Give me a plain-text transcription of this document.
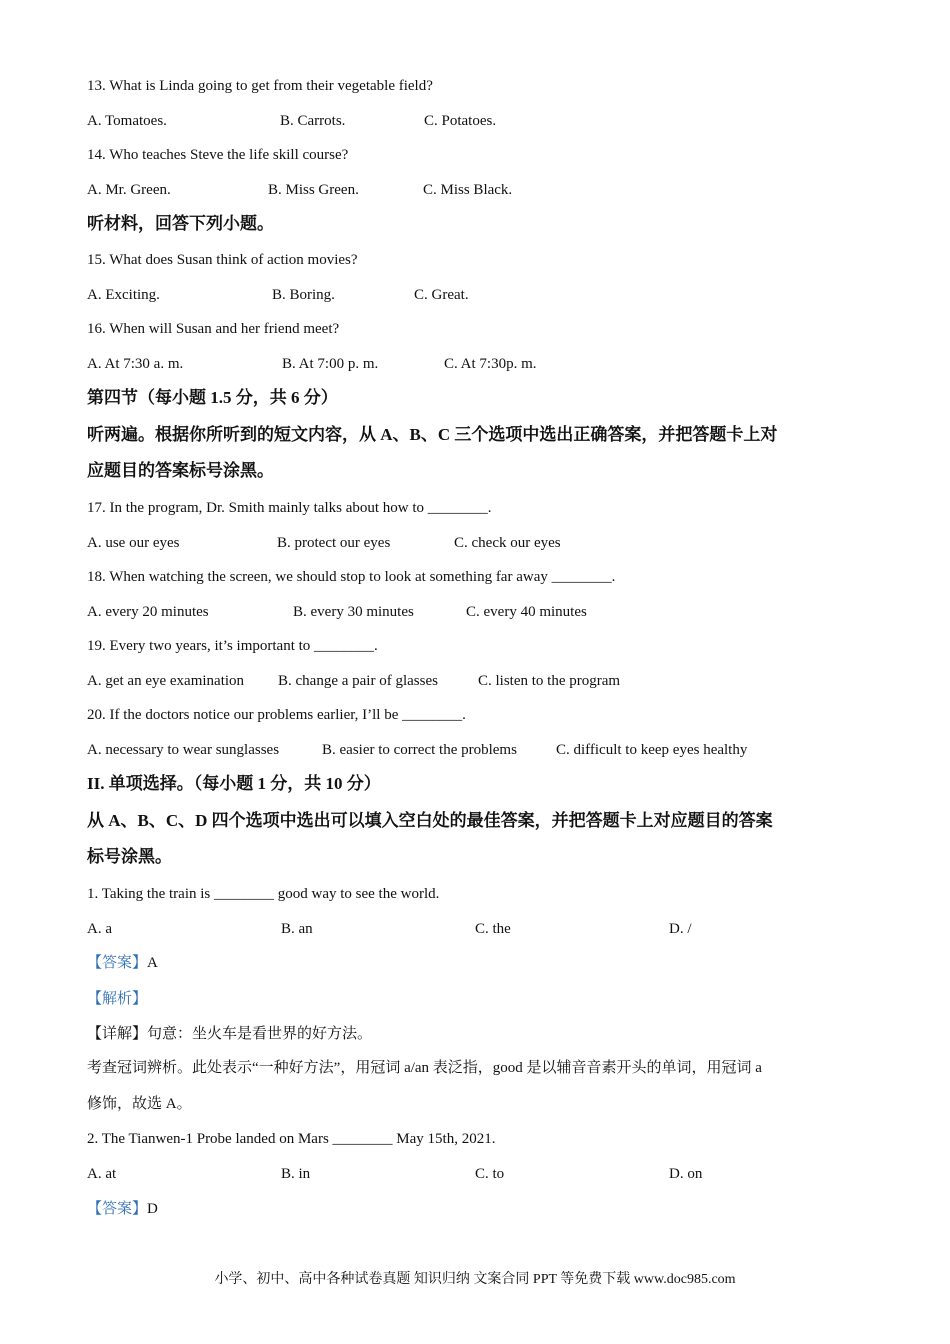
13. What is Linda going to get from their vegetable field?
A. Tomatoes.	B. Carrots.	C. Potatoes.
14. Who teaches Steve the life skill course?
A. Mr. Green.	B. Miss Green.	C. Miss Black.
听材料，回答下列小题。
15. What does Susan think of action movies?
A. Exciting.	B. Boring.	C. Great.
16. When will Susan and her friend meet?
A. At 7:30 a. m.	B. At 7:00 p. m.	C. At 7:30p. m.
第四节（每小题 1.5 分，共 6 分）
听两遍。根据你所听到的短文内容，从 A、B、C 三个选项中选出正确答案，并把答题卡上对
应题目的答案标号涂黑。
17. In the program, Dr. Smith mainly talks about how to ________.
A. use our eyes	B. protect our eyes	C. check our eyes
18. When watching the screen, we should stop to look at something far away ________.
A. every 20 minutes	B. every 30 minutes	C. every 40 minutes
19. Every two years, it’s important to ________.
A. get an eye examination B. change a pair of glasses	C. listen to the program
20. If the doctors notice our problems earlier, I’ll be ________.
A. necessary to wear sunglasses	B. easier to correct the problems	C. difficult to keep eyes healthy
II. 单项选择。（每小题 1 分，共 10 分）
从 A、B、C、D 四个选项中选出可以填入空白处的最佳答案，并把答题卡上对应题目的答案
标号涂黑。
1. Taking the train is ________ good way to see the world.
A. a	B. an	C. the	D. /
【答案】A
【解析】
【详解】句意：坐火车是看世界的好方法。
考查冠词辨析。此处表示“一种好方法”，用冠词 a/an 表泛指，good 是以辅音音素开头的单词，用冠词 a
修饰，故选 A。
2. The Tianwen-1 Probe landed on Mars ________ May 15th, 2021.
A. at	B. in	C. to	D. on
【答案】D
小学、初中、高中各种试卷真题 知识归纳 文案合同 PPT 等免费下载 www.doc985.com
